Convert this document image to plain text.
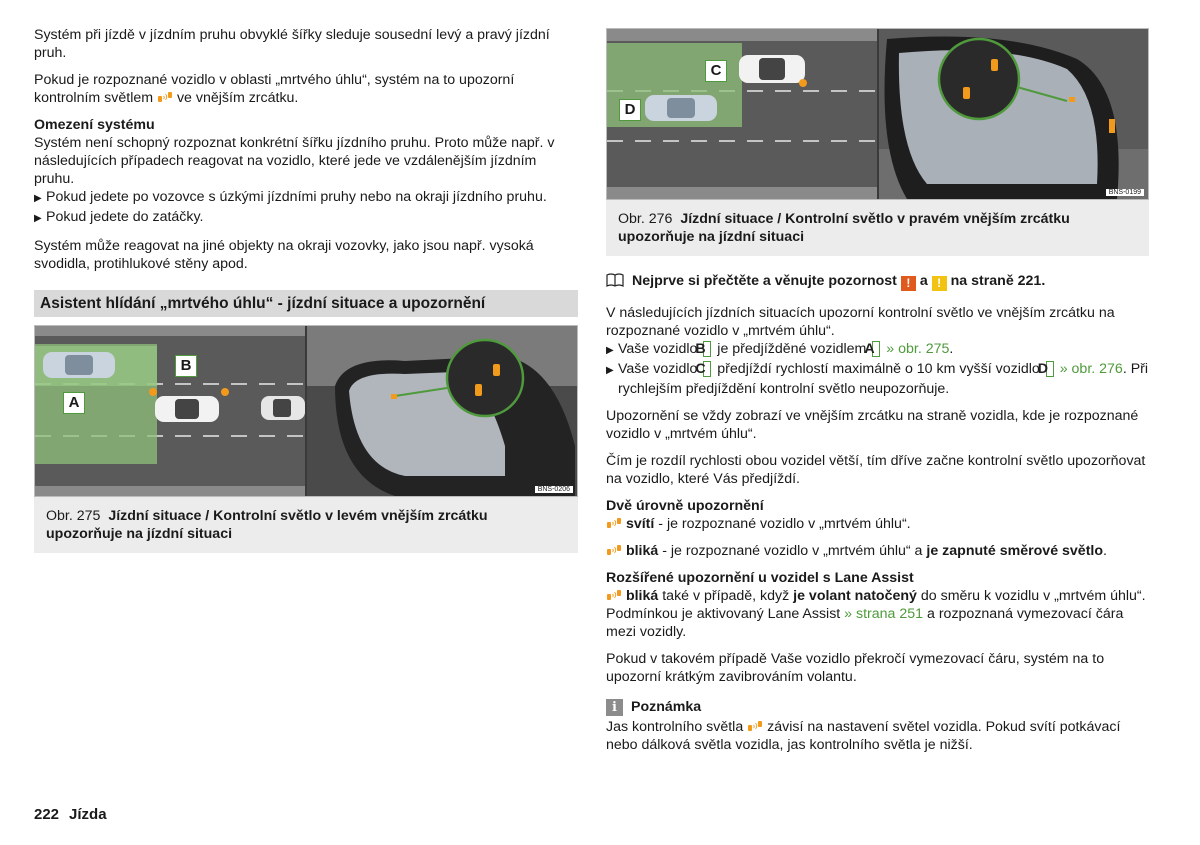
Systém při jízdě v jízdním pruhu obvyklé šířky sleduje sousední levý a pravý jízdní pruh.

Pokud je rozpoznané vozidlo v oblasti „mrtvého úhlu“, systém na to upozorní kontrolním světlem
ve vnějším zrcátku.

Omezení systému

Systém není schopný rozpoznat konkrétní šířku jízdního pruhu. Proto může např. v následujících případech reagovat na vozidlo, které jede ve vzdálenějším jízdním pruhu.

▶ Pokud jedete po vozovce s úzkými jízdními pruhy nebo na okraji jízdního pruhu.
▶ Pokud jedete do zatáčky.

Systém může reagovat na jiné objekty na okraji vozovky, jako jsou např. vysoká svodidla, protihlukové stěny apod.

Asistent hlídání „mrtvého úhlu“ - jízdní situace a upozornění
B
A
BNS-0206
Obr. 275 Jízdní situace / Kontrolní světlo v levém vnějším zrcátku upozorňuje na jízdní situaci
C
D
BNS-0199
Obr. 276 Jízdní situace / Kontrolní světlo v pravém vnějším zrcátku upozorňuje na jízdní situaci
Nejprve si přečtěte a věnujte pozornost ! a ! na straně 221.

V následujících jízdních situacích upozorní kontrolní světlo ve vnějším zrcátku na rozpoznané vozidlo v „mrtvém úhlu“.

▶ Vaše vozidlo B je předjížděné vozidlem A » obr. 275.
▶ Vaše vozidlo C předjíždí rychlostí maximálně o 10 km vyšší vozidlo D » obr. 276. Při rychlejším předjíždění kontrolní světlo neupozorňuje.

Upozornění se vždy zobrazí ve vnějším zrcátku na straně vozidla, kde je rozpoznané vozidlo v „mrtvém úhlu“.

Čím je rozdíl rychlosti obou vozidel větší, tím dříve začne kontrolní světlo upozorňovat na vozidlo, které Vás předjíždí.

Dvě úrovně upozornění

svítí - je rozpoznané vozidlo v „mrtvém úhlu“.

bliká - je rozpoznané vozidlo v „mrtvém úhlu“ a je zapnuté směrové světlo.

Rozšířené upozornění u vozidel s Lane Assist

bliká také v případě, když je volant natočený do směru k vozidlu v „mrtvém úhlu“. Podmínkou je aktivovaný Lane Assist » strana 251 a rozpoznaná vymezovací čára mezi vozidly.

Pokud v takovém případě Vaše vozidlo překročí vymezovací čáru, systém na to upozorní krátkým zavibrováním volantu.

i Poznámka

Jas kontrolního světla
závisí na nastavení světel vozidla. Pokud svítí potkávací nebo dálková světla vozidla, jas kontrolního světla je nižší.

222 Jízda
